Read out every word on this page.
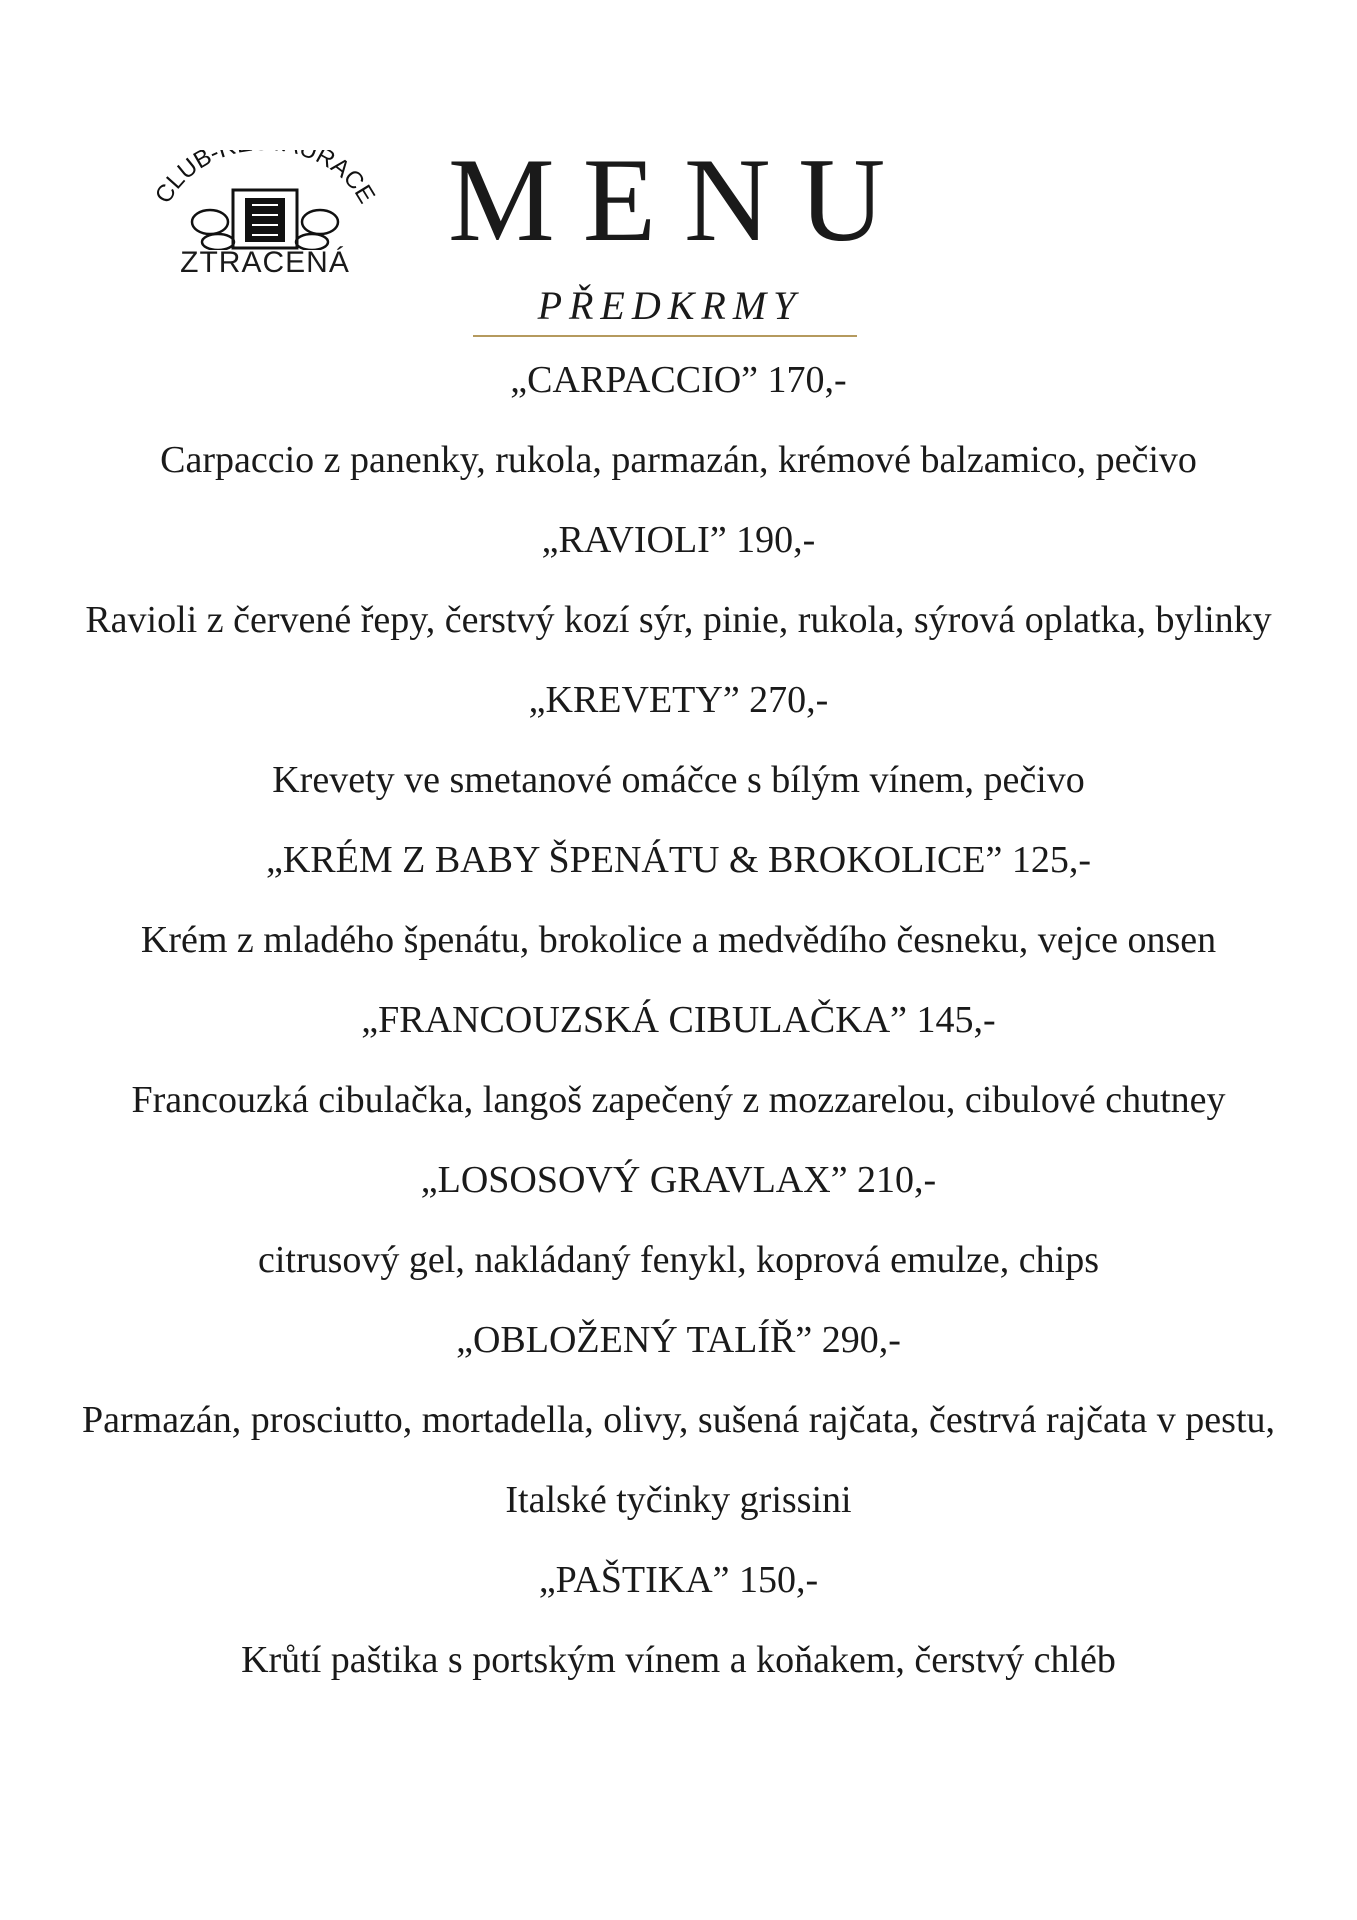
CLUB- URACE
ZTRACENÁ MENU
PŘEDKRMY

„CARPACCIO” 170,-

Carpaccio z panenky, rukola, parmazán, krémové balzamico, pečivo

„RAVIOLI” 190,-

Ravioli z červené řepy, čerstvý kozí sýr, pinie, rukola, sýrová oplatka, bylinky

„KREVETY” 270,-

Krevety ve smetanové omáčce s bílým vínem, pečivo

„KRÉM Z BABY ŠPENÁTU & BROKOLICE” 125,-

Krém z mladého špenátu, brokolice a medvědího česneku, vejce onsen

„FRANCOUZSKÁ CIBULAČKA” 145,-

Francouzká cibulačka, langoš zapečený z mozzarelou, cibulové chutney

„LOSOSOVÝ GRAVLAX” 210,-

citrusový gel, nakládaný fenykl, koprová emulze, chips

„OBLOŽENÝ TALÍŘ” 290,-

Parmazán, prosciutto, mortadella, olivy, sušená rajčata, čestrvá rajčata v pestu, Italské tyčinky grissini

„PAŠTIKA” 150,-

Krůtí paštika s portským vínem a koňakem, čerstvý chléb
